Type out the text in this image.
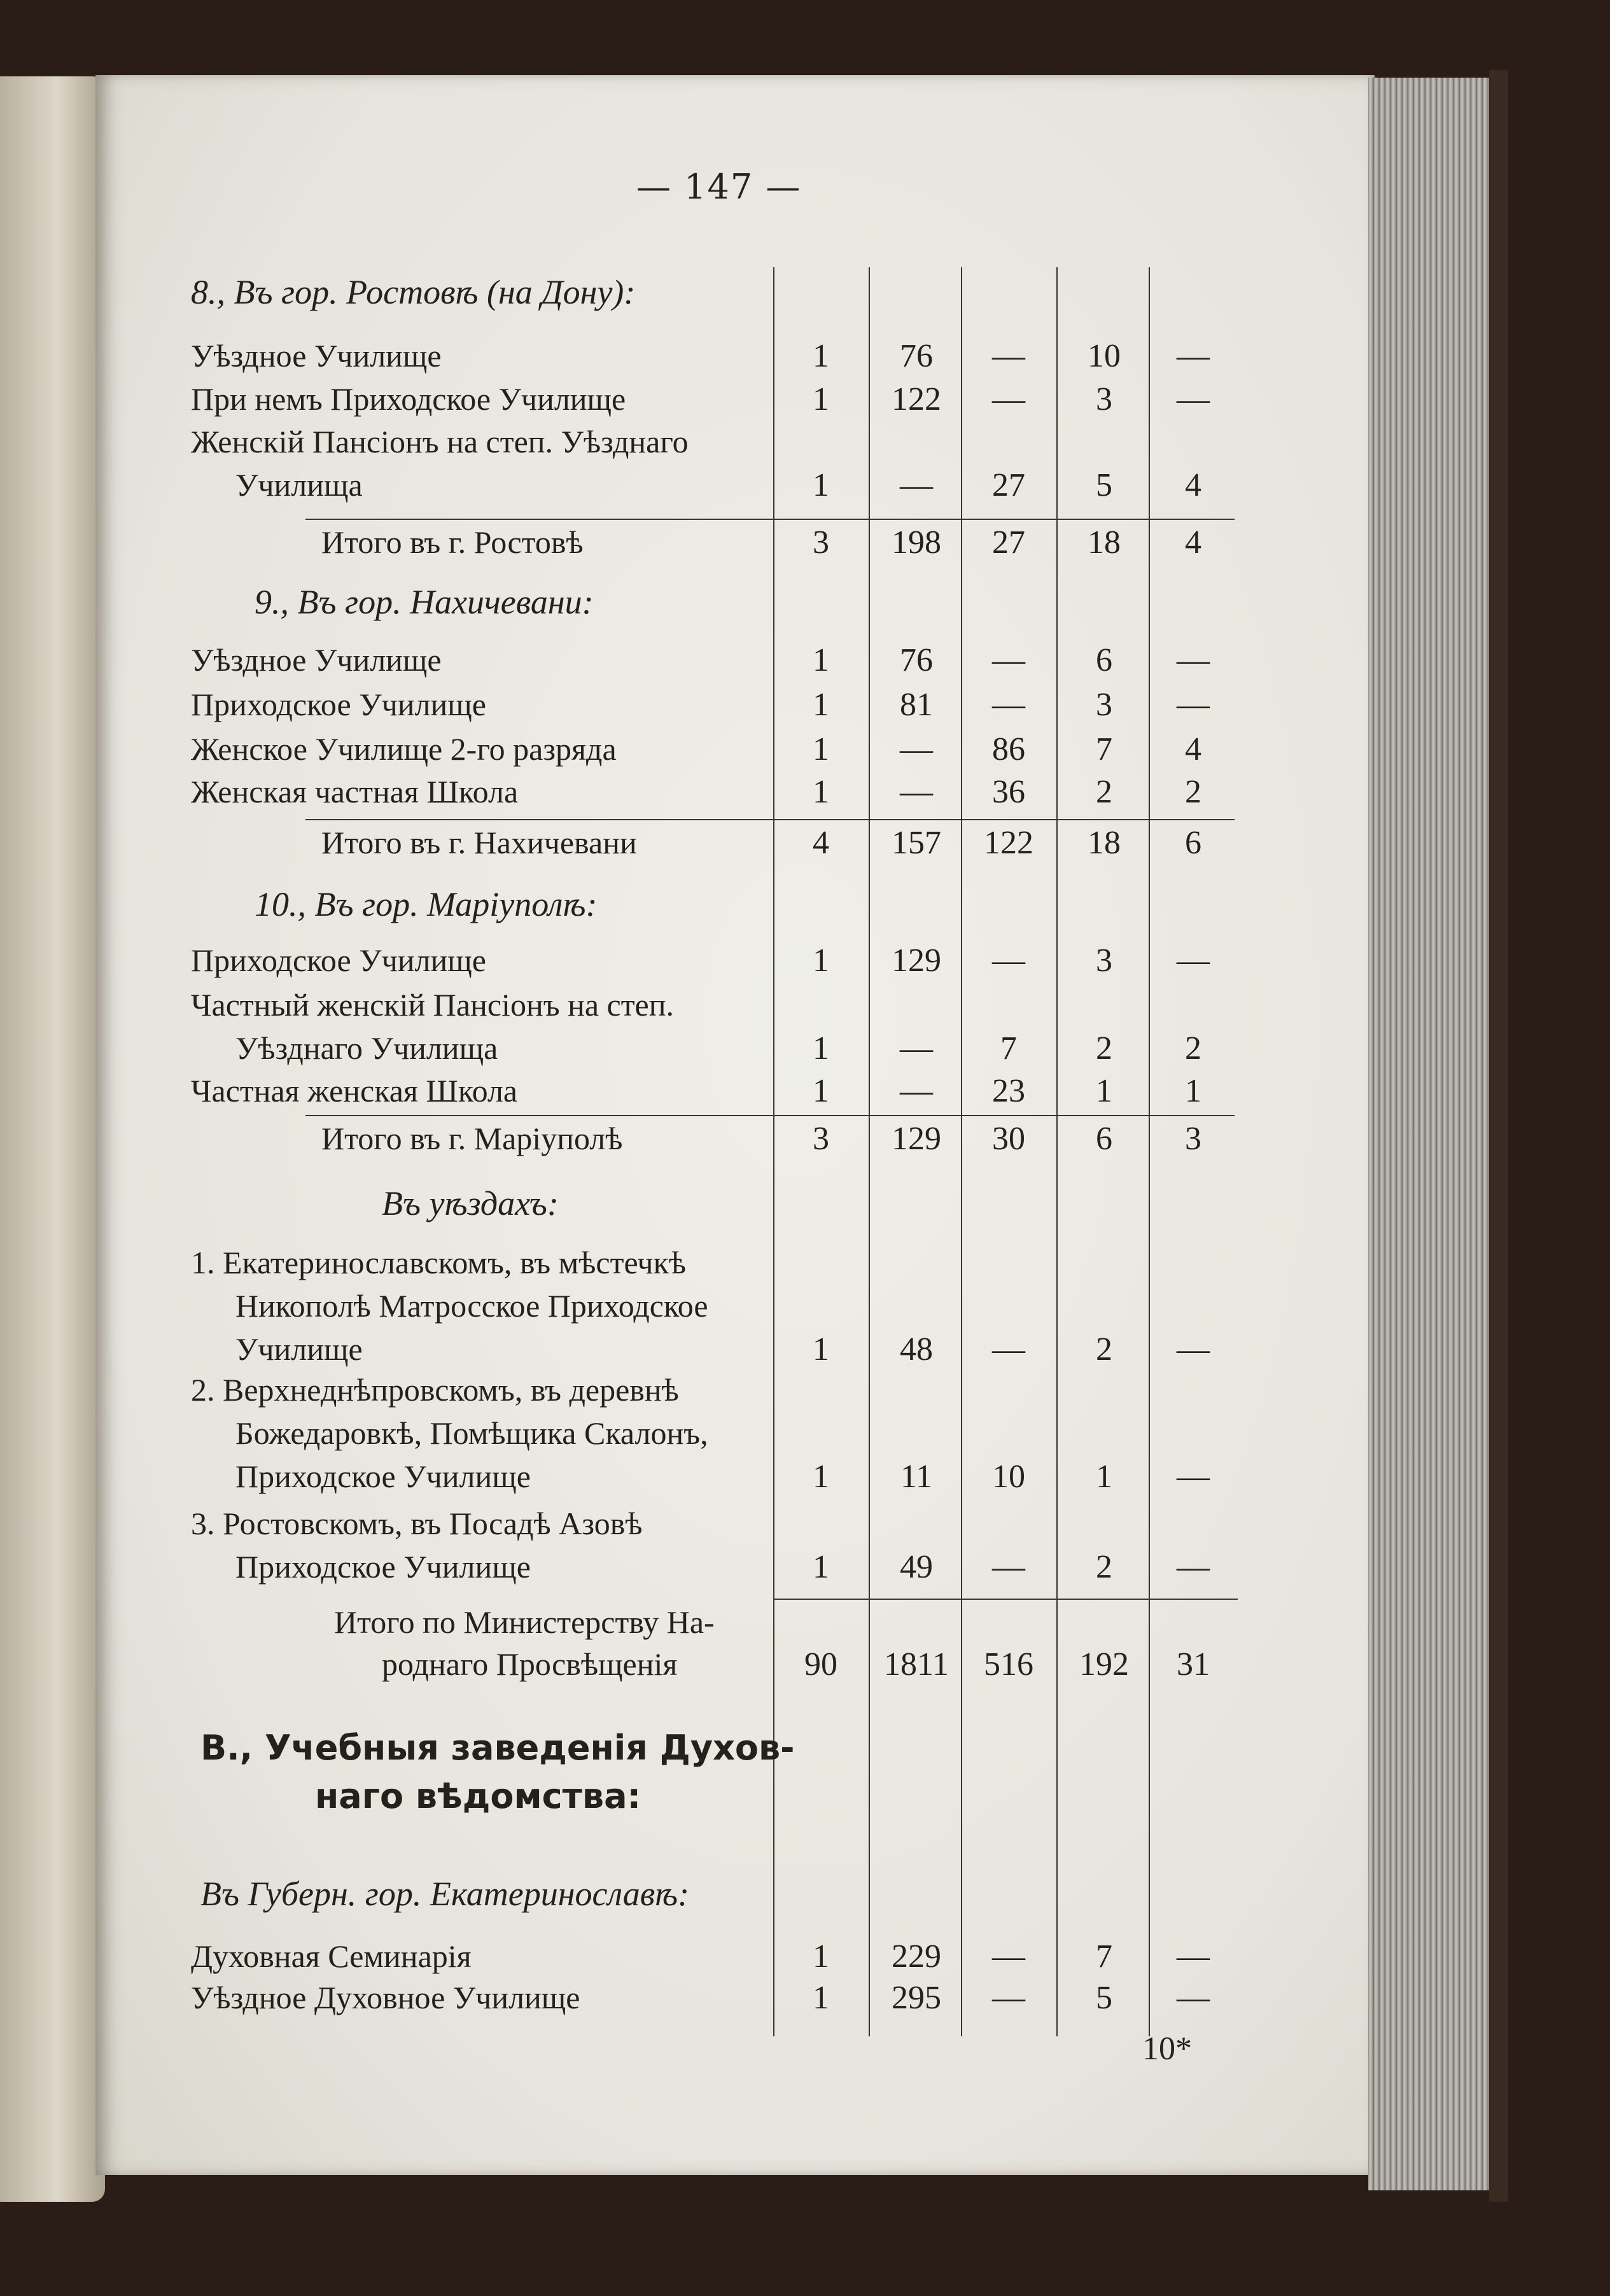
— 147 —
8., Въ гор. Ростовѣ (на Дону):
Уѣздное Училище	1	76	—	10	—
При немъ Приходское Училище	1	122	—	3	—
Женскій Пансіонъ на степ. Уѣзднаго
Училища	1	—	27	5	4
Итого въ г. Ростовѣ	3	198	27	18	4
9., Въ гор. Нахичевани:
Уѣздное Училище	1	76	—	6	—
Приходское Училище	1	81	—	3	—
Женское Училище 2-го разряда	1	—	86	7	4
Женская частная Школа	1	—	36	2	2
Итого въ г. Нахичевани	4	157	122	18	6
10., Въ гор. Маріуполѣ:
Приходское Училище	1	129	—	3	—
Частный женскій Пансіонъ на степ.
Уѣзднаго Училища	1	—	7	2	2
Частная женская Школа	1	—	23	1	1
Итого въ г. Маріуполѣ	3	129	30	6	3
Въ уѣздахъ:
1. Екатеринославскомъ, въ мѣстечкѣ
Никополѣ Матросское Приходское
Училище	1	48	—	2	—
2. Верхнеднѣпровскомъ, въ деревнѣ
Божедаровкѣ, Помѣщика Скалонъ,
Приходское Училище	1	11	10	1	—
3. Ростовскомъ, въ Посадѣ Азовѣ
Приходское Училище	1	49	—	2	—
Итого по Министерству На-
роднаго Просвѣщенія	90	1811	516	192	31
В., Учебныя заведенія Духов-
наго вѣдомства:
Въ Губерн. гор. Екатеринославѣ:
Духовная Семинарія	1	229	—	7	—
Уѣздное Духовное Училище	1	295	—	5	—
10*
